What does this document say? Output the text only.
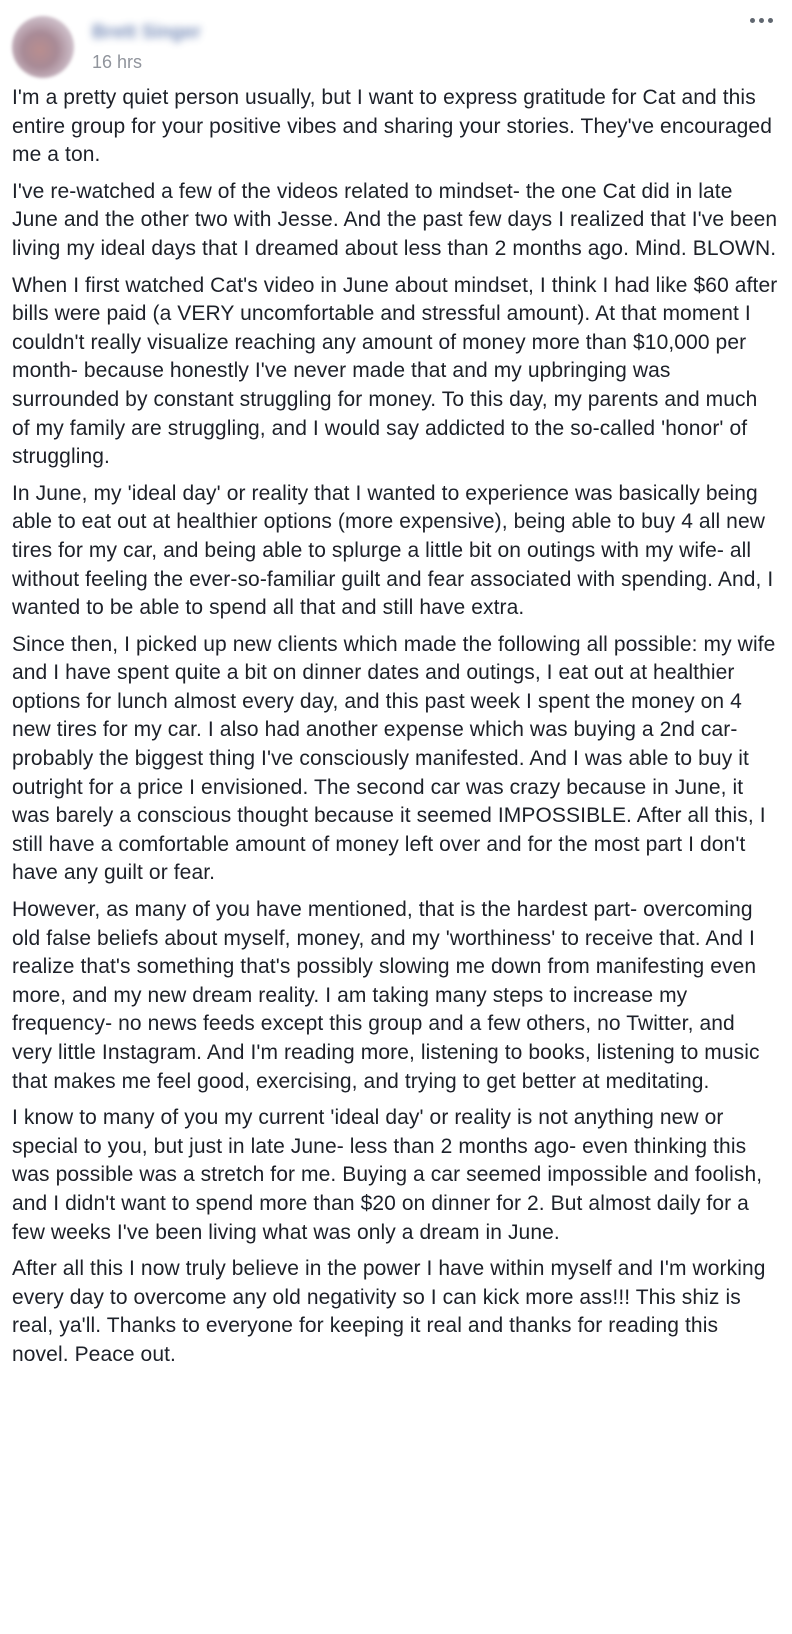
Brett Singer
16 hrs

I'm a pretty quiet person usually, but I want to express gratitude for Cat and this entire group for your positive vibes and sharing your stories. They've encouraged me a ton.

I've re-watched a few of the videos related to mindset- the one Cat did in late June and the other two with Jesse. And the past few days I realized that I've been living my ideal days that I dreamed about less than 2 months ago. Mind. BLOWN.

When I first watched Cat's video in June about mindset, I think I had like $60 after bills were paid (a VERY uncomfortable and stressful amount). At that moment I couldn't really visualize reaching any amount of money more than $10,000 per month- because honestly I've never made that and my upbringing was surrounded by constant struggling for money. To this day, my parents and much of my family are struggling, and I would say addicted to the so-called 'honor' of struggling.

In June, my 'ideal day' or reality that I wanted to experience was basically being able to eat out at healthier options (more expensive), being able to buy 4 all new tires for my car, and being able to splurge a little bit on outings with my wife- all without feeling the ever-so-familiar guilt and fear associated with spending. And, I wanted to be able to spend all that and still have extra.

Since then, I picked up new clients which made the following all possible: my wife and I have spent quite a bit on dinner dates and outings, I eat out at healthier options for lunch almost every day, and this past week I spent the money on 4 new tires for my car. I also had another expense which was buying a 2nd car- probably the biggest thing I've consciously manifested. And I was able to buy it outright for a price I envisioned. The second car was crazy because in June, it was barely a conscious thought because it seemed IMPOSSIBLE. After all this, I still have a comfortable amount of money left over and for the most part I don't have any guilt or fear.

However, as many of you have mentioned, that is the hardest part- overcoming old false beliefs about myself, money, and my 'worthiness' to receive that. And I realize that's something that's possibly slowing me down from manifesting even more, and my new dream reality. I am taking many steps to increase my frequency- no news feeds except this group and a few others, no Twitter, and very little Instagram. And I'm reading more, listening to books, listening to music that makes me feel good, exercising, and trying to get better at meditating.

I know to many of you my current 'ideal day' or reality is not anything new or special to you, but just in late June- less than 2 months ago- even thinking this was possible was a stretch for me. Buying a car seemed impossible and foolish, and I didn't want to spend more than $20 on dinner for 2. But almost daily for a few weeks I've been living what was only a dream in June.

After all this I now truly believe in the power I have within myself and I'm working every day to overcome any old negativity so I can kick more ass!!! This shiz is real, ya'll. Thanks to everyone for keeping it real and thanks for reading this novel. Peace out.
